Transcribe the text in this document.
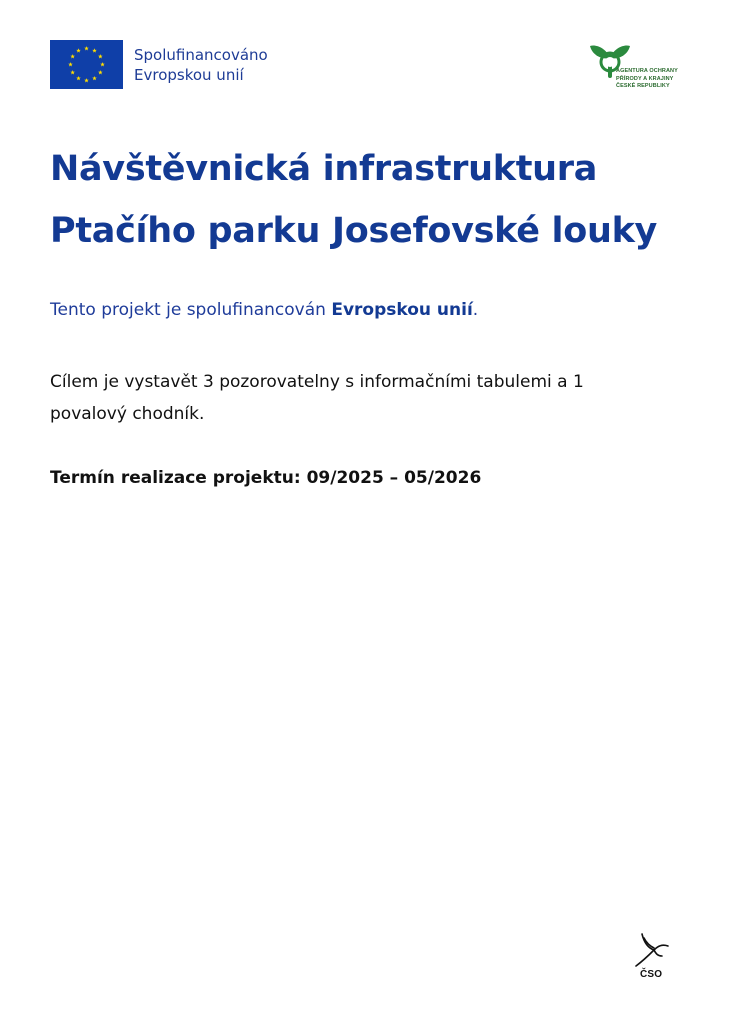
Spolufinancováno
Evropskou unií	AGENTURA OCHRANY
PŘÍRODY A KRAJINY
ČESKÉ REPUBLIKY
Návštěvnická infrastruktura
Ptačího parku Josefovské louky

Tento projekt je spolufinancován Evropskou unií.

Cílem je vystavět 3 pozorovatelny s informačními tabulemi a 1
povalový chodník.

Termín realizace projektu: 09/2025 – 05/2026

ČSO
